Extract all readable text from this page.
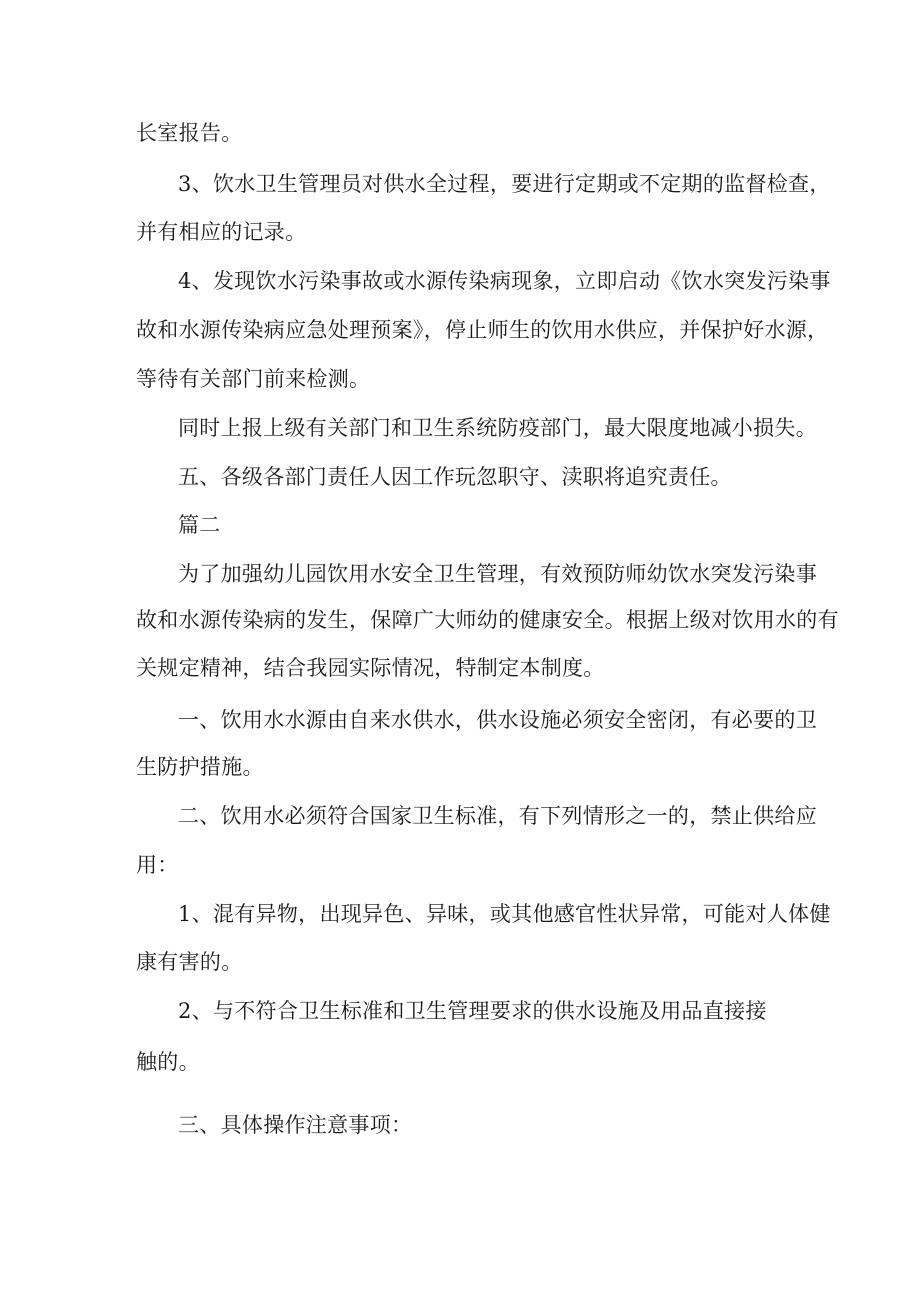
长室报告。
3、饮水卫生管理员对供水全过程，要进行定期或不定期的监督检查，
并有相应的记录。
4、发现饮水污染事故或水源传染病现象，立即启动《饮水突发污染事
故和水源传染病应急处理预案》，停止师生的饮用水供应，并保护好水源，
等待有关部门前来检测。
同时上报上级有关部门和卫生系统防疫部门，最大限度地减小损失。
五、各级各部门责任人因工作玩忽职守、渎职将追究责任。
篇二
为了加强幼儿园饮用水安全卫生管理，有效预防师幼饮水突发污染事
故和水源传染病的发生，保障广大师幼的健康安全。根据上级对饮用水的有
关规定精神，结合我园实际情况，特制定本制度。
一、饮用水水源由自来水供水，供水设施必须安全密闭，有必要的卫
生防护措施。
二、饮用水必须符合国家卫生标准，有下列情形之一的，禁止供给应
用：
1、混有异物，出现异色、异味，或其他感官性状异常，可能对人体健
康有害的。
2、与不符合卫生标准和卫生管理要求的供水设施及用品直接接
触的。
三、具体操作注意事项：
